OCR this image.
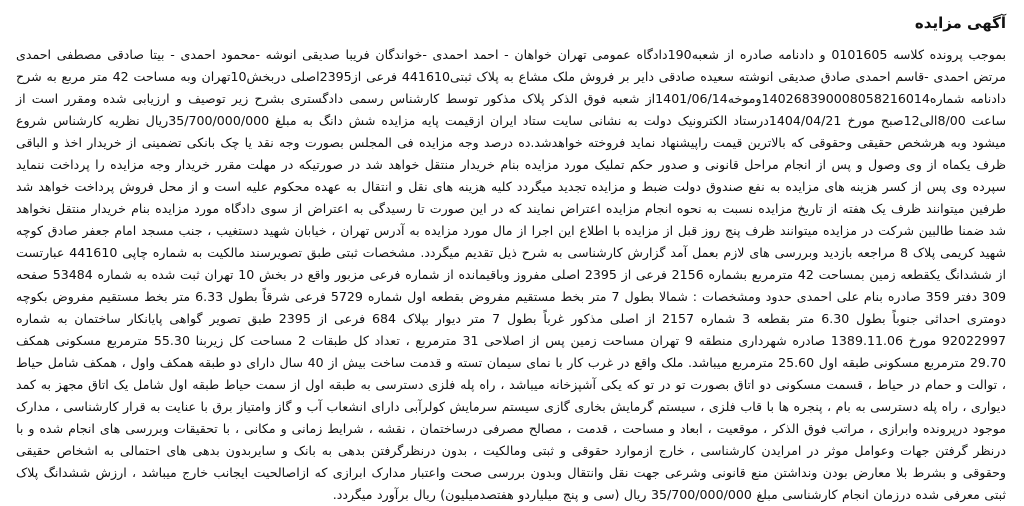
آگهی مزایده

بموجب پرونده کلاسه 0101605 و دادنامه صادره از شعبه190دادگاه عمومی تهران خواهان - احمد احمدی -خواندگان فریبا صدیقی انوشه -محمود احمدی - بیتا صادقی مصطفی احمدی مرتض احمدی -قاسم احمدی صادق صدیقی انوشته سعیده صادقی دایر بر فروش ملک مشاع به پلاک ثبتی441610 فرعی از2395اصلی دربخش10تهران وبه مساحت 42 متر مربع به شرح دادنامه شماره140268390008058216014وموخه1401/06/14از شعبه فوق الذکر پلاک مذکور توسط کارشناس رسمی دادگستری بشرح زیر توصیف و ارزیابی شده ومقرر است از ساعت 8/00الی12صبح مورخ 1404/04/21درستاد الکترونیک دولت به نشانی سایت ستاد ایران ازقیمت پایه مزایده شش دانگ به مبلغ 35/700/000/000ریال نظریه کارشناس شروع میشود وبه هرشخص حقیقی وحقوقی که بالاترین قیمت راپیشنهاد نماید فروخته خواهدشد.ده درصد وجه مزایده فی المجلس بصورت وجه نقد یا چک بانکی تضمینی از خریدار اخذ و الباقی ظرف یکماه از وی وصول و پس از انجام مراحل قانونی و صدور حکم تملیک مورد مزایده بنام خریدار منتقل خواهد شد در صورتیکه در مهلت مقرر خریدار وجه مزایده را پرداخت ننماید سپرده وی پس از کسر هزینه های مزایده به نفع صندوق دولت ضبط و مزایده تجدید میگردد کلیه هزینه های نقل و انتقال به عهده محکوم علیه است و از محل فروش پرداخت خواهد شد طرفین میتوانند ظرف یک هفته از تاریخ مزایده نسبت به نحوه انجام مزایده اعتراض نمایند که در این صورت تا رسیدگی به اعتراض از سوی دادگاه مورد مزایده بنام خریدار منتقل نخواهد شد ضمنا طالبین شرکت در مزایده میتوانند ظرف پنج روز قبل از مزایده با اطلاع این اجرا از مال مورد مزایده به آدرس تهران ، خیابان شهید دستغیب ، جنب مسجد امام جعفر صادق کوچه شهید کریمی پلاک 8 مراجعه بازدید وبررسی های لازم بعمل آمد گزارش کارشناسی به شرح ذیل تقدیم میگردد. مشخصات ثبتی طبق تصویرسند مالکیت به شماره چاپی 441610 عبارتست از ششدانگ یکقطعه زمین بمساحت 42 مترمربع بشماره 2156 فرعی از 2395 اصلی مفروز وباقیمانده از شماره فرعی مزبور واقع در بخش 10 تهران ثبت شده به شماره 53484 صفحه 309 دفتر 359 صادره بنام علی احمدی حدود ومشخصات : شمالا بطول 7 متر بخط مستقیم مفروض بقطعه اول شماره 5729 فرعی شرقاً بطول 6.33 متر بخط مستقیم مفروض بکوچه دومتری احداثی جنوباً بطول 6.30 متر بقطعه 3 شماره 2157 از اصلی مذکور غرباً بطول 7 متر دیوار بپلاک 684 فرعی از 2395 طبق تصویر گواهی پایانکار ساختمان به شماره 92022997 مورخ 1389.11.06 صادره شهرداری منطقه 9 تهران مساحت زمین پس از اصلاحی 31 مترمربع ، تعداد کل طبقات 2 مساحت کل زیربنا 55.30 مترمربع مسکونی همکف 29.70 مترمربع مسکونی طبقه اول 25.60 مترمربع میباشد. ملک واقع در غرب کار با نمای سیمان تسته و قدمت ساخت بیش از 40 سال دارای دو طبقه همکف واول ، همکف شامل حیاط ، توالت و حمام در حیاط ، قسمت مسکونی دو اتاق بصورت تو در تو که یکی آشپزخانه میباشد ، راه پله فلزی دسترسی به طبقه اول از سمت حیاط طبقه اول شامل یک اتاق مجهز به کمد دیواری ، راه پله دسترسی به بام ، پنجره ها با قاب فلزی ، سیستم گرمایش بخاری گازی سیستم سرمایش کولرآبی دارای انشعاب آب و گاز وامتیاز برق با عنایت به قرار کارشناسی ، مدارک موجود درپرونده وابرازی ، مراتب فوق الذکر ، موقعیت ، ابعاد و مساحت ، قدمت ، مصالح مصرفی درساختمان ، نقشه ، شرایط زمانی و مکانی ، با تحقیقات وبررسی های انجام شده و با درنظر گرفتن جهات وعوامل موثر در امرایدن کارشناسی ، خارج ازموارد حقوقی و ثبتی ومالکیت ، بدون درنظرگرفتن بدهی به بانک و سایربدون بدهی های احتمالی به اشخاص حقیقی وحقوقی و بشرط بلا معارض بودن ونداشتن منع قانونی وشرعی جهت نقل وانتقال وبدون بررسی صحت واعتبار مدارک ابرازی که ازاصالحیت ایجانب خارج میباشد ، ارزش ششدانگ پلاک ثبتی معرفی شده درزمان انجام کارشناسی مبلغ 35/700/000/000 ریال (سی و پنج میلیاردو هفتصدمیلیون) ریال برآورد میگردد.
